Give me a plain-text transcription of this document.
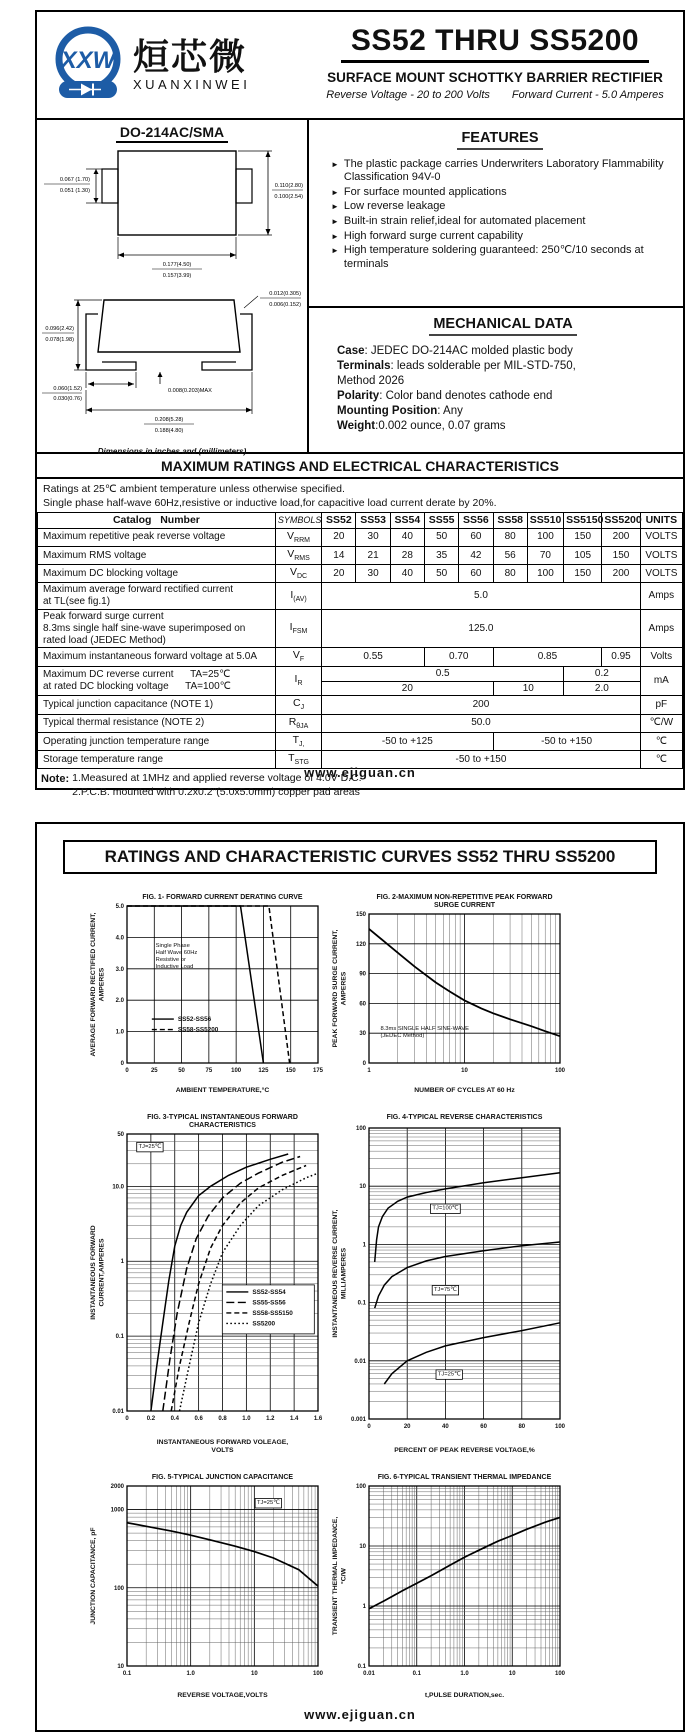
XXW 烜芯微
XUANXINWEI
SS52 THRU SS5200

SURFACE MOUNT SCHOTTKY BARRIER RECTIFIER
Reverse Voltage - 20 to 200 Volts Forward Current - 5.0 Amperes
DO-214AC/SMA
0.110(2.80)
0.100(2.54)
0.067 (1.70)
0.051 (1.30)
0.177(4.50)
0.157(3.99)

0.012(0.305)
0.006(0.152)
0.096(2.42)
0.078(1.98)
0.060(1.52)
0.030(0.76)
0.008(0.203)MAX
0.208(5.28)
0.188(4.80)
Dimensions in inches and (millimeters)
FEATURES
► The plastic package carries Underwriters Laboratory Flammability Classification 94V-0
► For surface mounted applications
► Low reverse leakage
► Built-in strain relief,ideal for automated placement
► High forward surge current capability
► High temperature soldering guaranteed: 250℃/10 seconds at terminals
MECHANICAL DATA
Case: JEDEC DO-214AC molded plastic body
Terminals: leads solderable per MIL-STD-750,
Method 2026
Polarity: Color band denotes cathode end
Mounting Position: Any
Weight:0.002 ounce, 0.07 grams
MAXIMUM RATINGS AND ELECTRICAL CHARACTERISTICS
Ratings at 25℃ ambient temperature unless otherwise specified.
Single phase half-wave 60Hz,resistive or inductive load,for capacitive load current derate by 20%.
Catalog   Number	SYMBOLS	SS52	SS53	SS54	SS55	SS56	SS58	SS510	SS5150	SS5200	UNITS
Maximum repetitive peak reverse voltage	$V_{RRM}$	20	30	40	50	60	80	100	150	200	VOLTS
Maximum RMS voltage	$V_{RMS}$	14	21	28	35	42	56	70	105	150	VOLTS
Maximum DC blocking voltage	$V_{DC}$	20	30	40	50	60	80	100	150	200	VOLTS

Maximum average forward rectified current
at TL(see fig.1)	$I_{(AV)}$	5.0									Amps

Peak forward surge current
8.3ms single half sine-wave superimposed on
rated load (JEDEC Method)	$I_{FSM}$	125.0									Amps
Maximum instantaneous forward voltage at 5.0A	$V_F$	0.55			0.70		0.85			0.95	Volts

Maximum DC reverse current      TA=25℃
at rated DC blocking voltage      TA=100℃	$I_R$	0.5							0.2		mA
		20					10		2.0		
Typical junction capacitance (NOTE 1)	$C_J$	200									pF
Typical thermal resistance (NOTE 2)	$R_{\theta JA}$	50.0									℃/W
Operating junction temperature range	$T_{J,}$	-50 to +125					-50 to +150				℃
Storage temperature range	$T_{STG}$	-50 to +150									℃
Note: 1.Measured at 1MHz and applied reverse voltage of 4.0V D.C.
2.P.C.B. mounted with 0.2x0.2"(5.0x5.0mm) copper pad areas
www.ejiguan.cn
RATINGS AND CHARACTERISTIC CURVES SS52 THRU SS5200
0	25	50	75	100	125	150	175
0
1.0
2.0
3.0
4.0
5.0
FIG. 1- FORWARD CURRENT DERATING CURVE
AMBIENT TEMPERATURE,°C
AVERAGE FORWARD RECTIFIED CURRENT, AMPERES
Single Phase
Half Wave 60Hz
Resistive or
Inductive Load
SS52-SS56
SS58-SS5200
1	10	100
0
30
60
90
120
150
FIG. 2-MAXIMUM NON-REPETITIVE PEAK FORWARD
SURGE CURRENT
NUMBER OF CYCLES AT 60 Hz
PEAK FORWARD SURGE CURRENT, AMPERES
8.3ms SINGLE HALF SINE-WAVE
(JEDEC Method)
0	0.2	0.4	0.6	0.8	1.0	1.2	1.4	1.6
50
10.0
1
0.1
0.01
FIG. 3-TYPICAL INSTANTANEOUS FORWARD
CHARACTERISTICS
INSTANTANEOUS FORWARD VOLEAGE,
VOLTS
INSTANTANEOUS FORWARD CURRENT,AMPERES
TJ=25℃
SS52-SS54
SS55-SS56
SS58-SS5150
SS5200
0	20	40	60	80	100
100
10
1
0.1
0.01
0.001
FIG. 4-TYPICAL REVERSE CHARACTERISTICS
PERCENT OF PEAK REVERSE VOLTAGE,%
INSTANTANEOUS REVERSE CURRENT, MILLIAMPERES
TJ=100℃
TJ=75℃
TJ=25℃
0.1	1.0	10	100
2000
1000
100
10
FIG. 5-TYPICAL JUNCTION CAPACITANCE
REVERSE VOLTAGE,VOLTS
JUNCTION CAPACITANCE, pF
TJ=25℃
0.01	0.1	1.0	10	100
100
10
1
0.1
FIG. 6-TYPICAL TRANSIENT THERMAL IMPEDANCE
t,PULSE DURATION,sec.
TRANSIENT THERMAL IMPEDANCE, °C/W
www.ejiguan.cn
